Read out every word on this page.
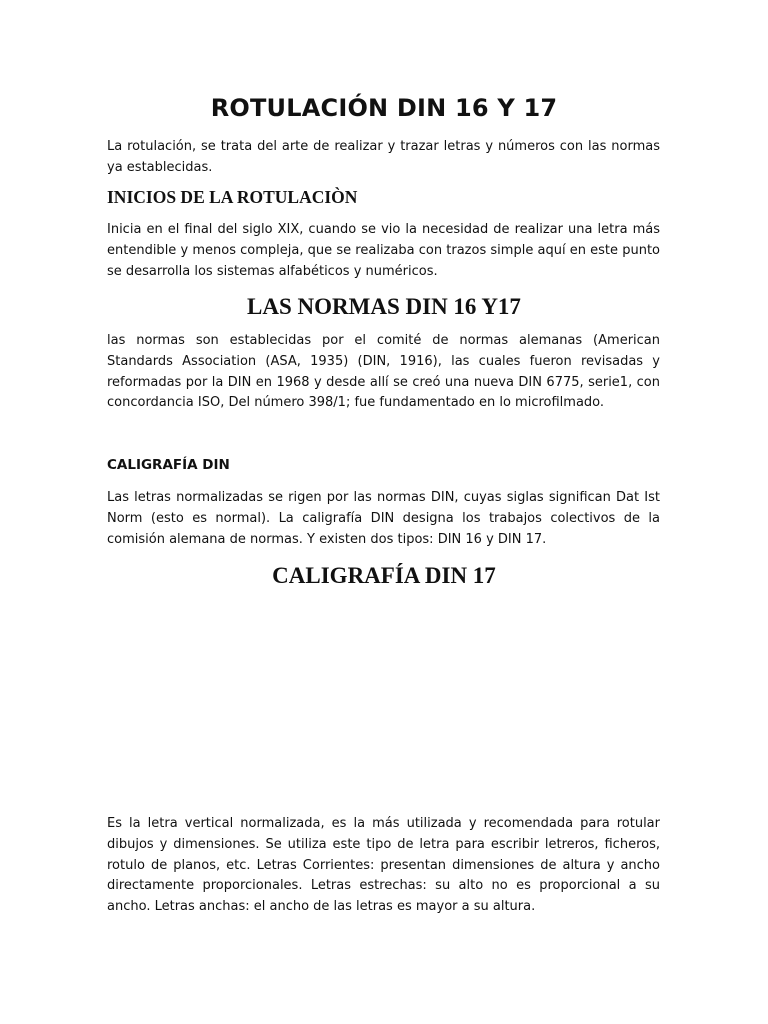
ROTULACIÓN DIN 16 Y 17
La rotulación, se trata del arte de realizar y trazar letras y números con las normas ya establecidas.
INICIOS DE LA ROTULACIÒN
Inicia en el final del siglo XIX, cuando se vio la necesidad de realizar una letra más entendible y menos compleja, que se realizaba con trazos simple aquí en este punto se desarrolla los sistemas alfabéticos y numéricos.
LAS NORMAS DIN 16 Y17
las normas son establecidas por el comité de normas alemanas (American Standards Association (ASA, 1935) (DIN, 1916), las cuales fueron revisadas y reformadas por la DIN en 1968 y desde allí se creó una nueva DIN 6775, serie1, con concordancia ISO, Del número 398/1; fue fundamentado en lo microfilmado.
CALIGRAFÍA DIN
Las letras normalizadas se rigen por las normas DIN, cuyas siglas significan Dat Ist Norm (esto es normal). La caligrafía DIN designa los trabajos colectivos de la comisión alemana de normas. Y existen dos tipos: DIN 16 y DIN 17.
CALIGRAFÍA DIN 17
Es la letra vertical normalizada, es la más utilizada y recomendada para rotular dibujos y dimensiones. Se utiliza este tipo de letra para escribir letreros, ficheros, rotulo de planos, etc. Letras Corrientes: presentan dimensiones de altura y ancho directamente proporcionales. Letras estrechas: su alto no es proporcional a su ancho. Letras anchas: el ancho de las letras es mayor a su altura.
